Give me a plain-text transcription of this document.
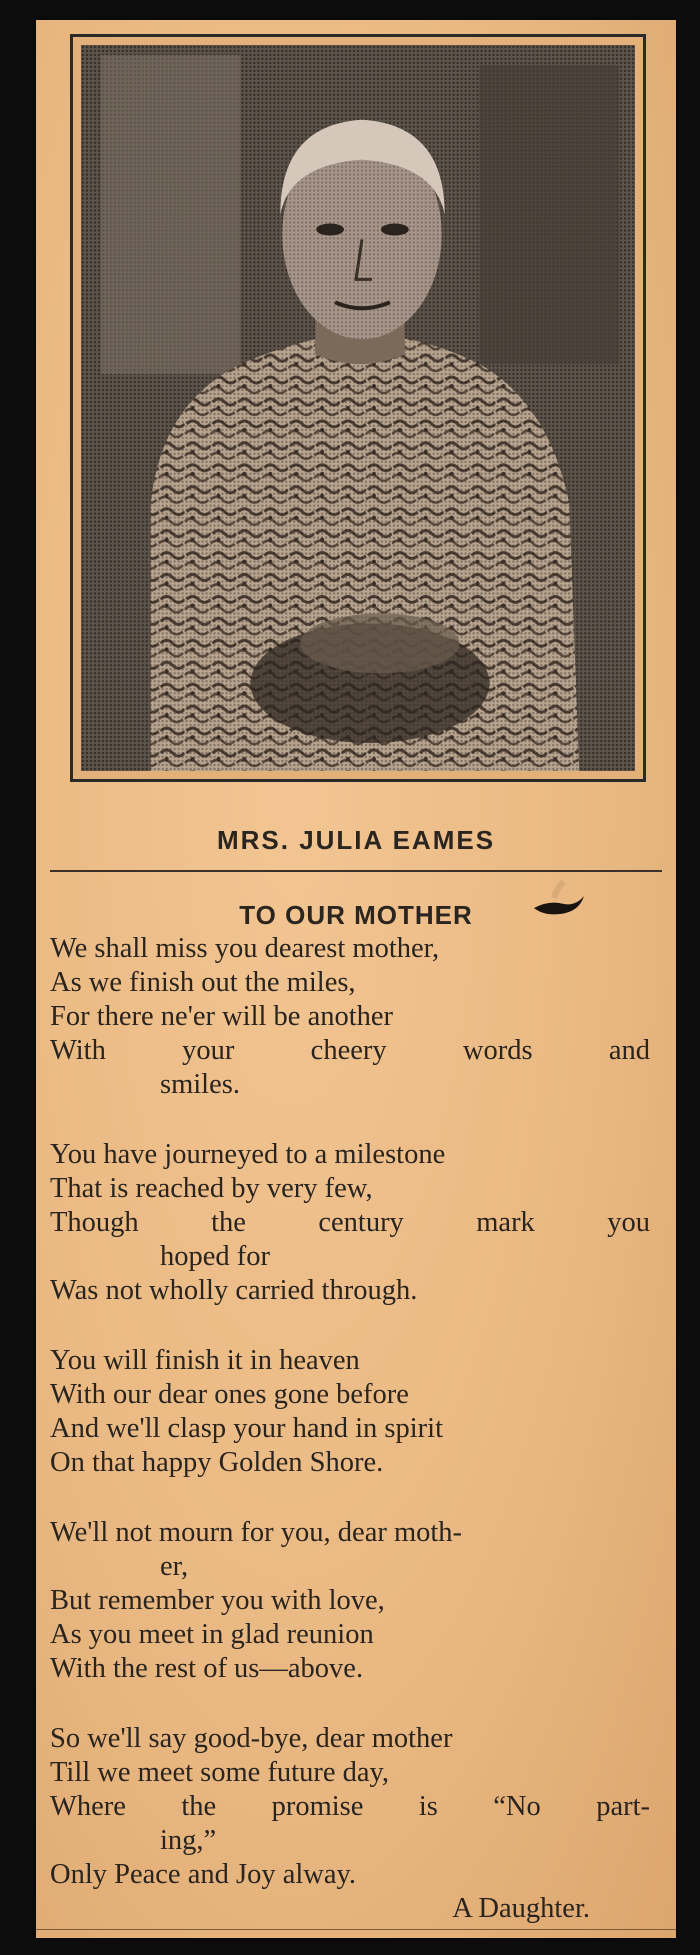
MRS. JULIA EAMES
TO OUR MOTHER
We shall miss you dearest mother,
As we finish out the miles,
For there ne'er will be another
With your cheery words and
smiles.
You have journeyed to a milestone
That is reached by very few,
Though the century mark you
hoped for
Was not wholly carried through.
You will finish it in heaven
With our dear ones gone before
And we'll clasp your hand in spirit
On that happy Golden Shore.
We'll not mourn for you, dear moth-
er,
But remember you with love,
As you meet in glad reunion
With the rest of us—above.
So we'll say good-bye, dear mother
Till we meet some future day,
Where the promise is “No part-
ing,”
Only Peace and Joy alway.
A Daughter.
